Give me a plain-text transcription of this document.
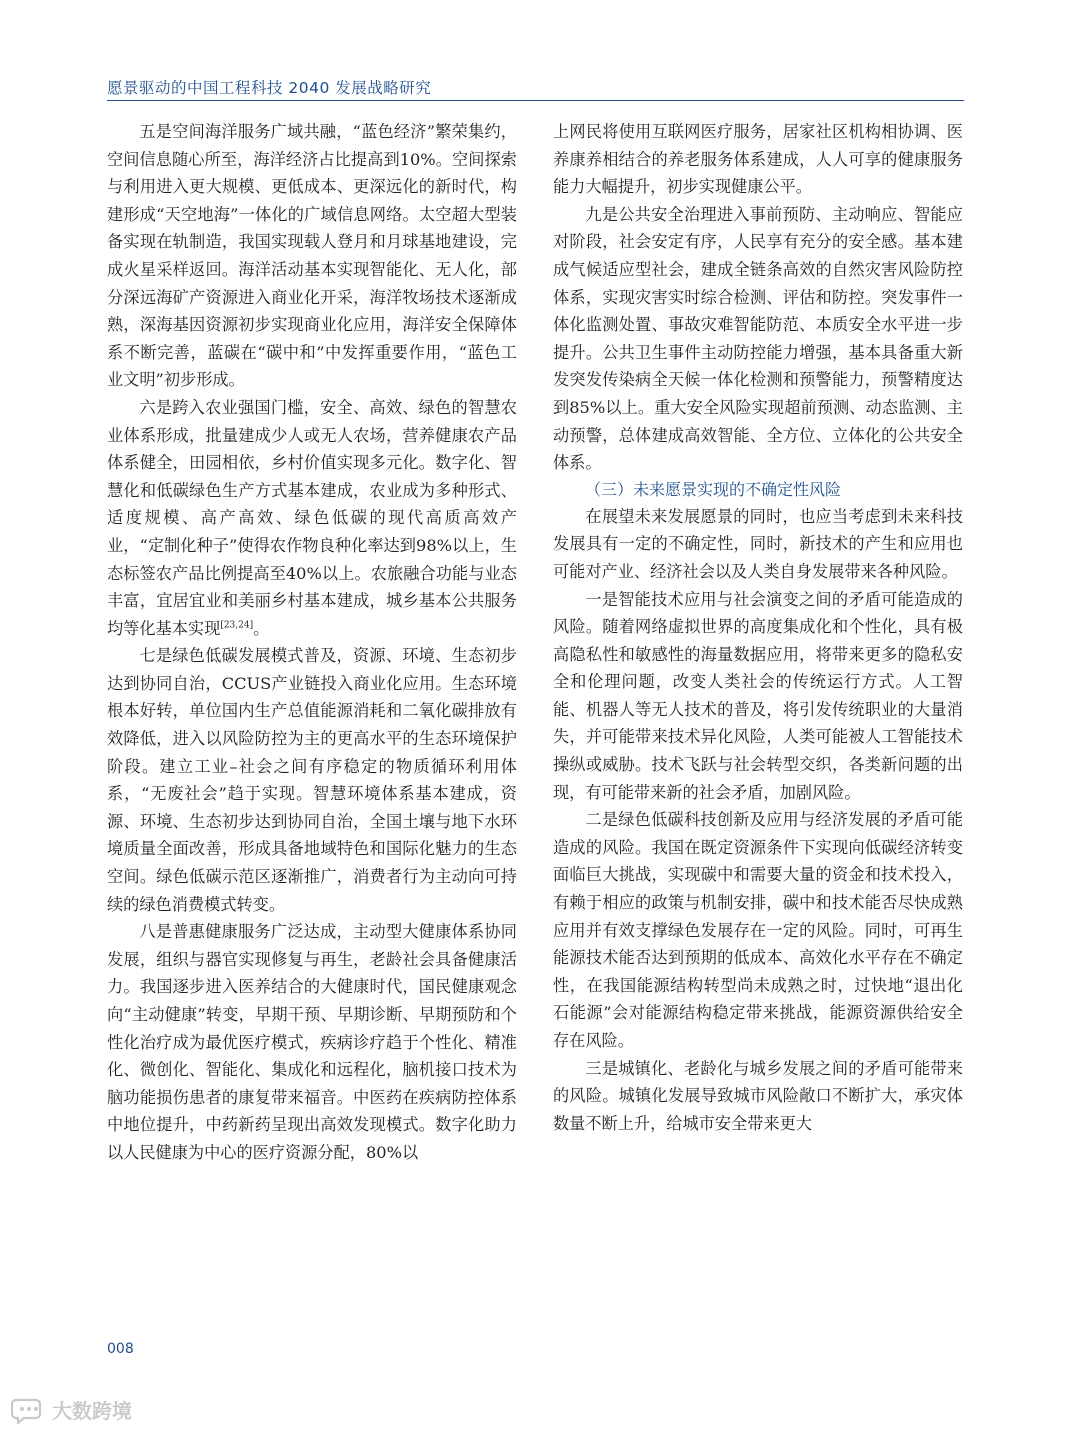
愿景驱动的中国工程科技 2040 发展战略研究

五是空间海洋服务广域共融，“蓝色经济”繁荣集约，空间信息随心所至，海洋经济占比提高到10%。空间探索与利用进入更大规模、更低成本、更深远化的新时代，构建形成“天空地海”一体化的广域信息网络。太空超大型装备实现在轨制造，我国实现载人登月和月球基地建设，完成火星采样返回。海洋活动基本实现智能化、无人化，部分深远海矿产资源进入商业化开采，海洋牧场技术逐渐成熟，深海基因资源初步实现商业化应用，海洋安全保障体系不断完善，蓝碳在“碳中和”中发挥重要作用，“蓝色工业文明”初步形成。

六是跨入农业强国门槛，安全、高效、绿色的智慧农业体系形成，批量建成少人或无人农场，营养健康农产品体系健全，田园相依，乡村价值实现多元化。数字化、智慧化和低碳绿色生产方式基本建成，农业成为多种形式、适度规模、高产高效、绿色低碳的现代高质高效产业，“定制化种子”使得农作物良种化率达到98%以上，生态标签农产品比例提高至40%以上。农旅融合功能与业态丰富，宜居宜业和美丽乡村基本建成，城乡基本公共服务均等化基本实现[23,24]。

七是绿色低碳发展模式普及，资源、环境、生态初步达到协同自治，CCUS产业链投入商业化应用。生态环境根本好转，单位国内生产总值能源消耗和二氧化碳排放有效降低，进入以风险防控为主的更高水平的生态环境保护阶段。建立工业–社会之间有序稳定的物质循环利用体系，“无废社会”趋于实现。智慧环境体系基本建成，资源、环境、生态初步达到协同自治，全国土壤与地下水环境质量全面改善，形成具备地域特色和国际化魅力的生态空间。绿色低碳示范区逐渐推广，消费者行为主动向可持续的绿色消费模式转变。

八是普惠健康服务广泛达成，主动型大健康体系协同发展，组织与器官实现修复与再生，老龄社会具备健康活力。我国逐步进入医养结合的大健康时代，国民健康观念向“主动健康”转变，早期干预、早期诊断、早期预防和个性化治疗成为最优医疗模式，疾病诊疗趋于个性化、精准化、微创化、智能化、集成化和远程化，脑机接口技术为脑功能损伤患者的康复带来福音。中医药在疾病防控体系中地位提升，中药新药呈现出高效发现模式。数字化助力以人民健康为中心的医疗资源分配，80%以

上网民将使用互联网医疗服务，居家社区机构相协调、医养康养相结合的养老服务体系建成，人人可享的健康服务能力大幅提升，初步实现健康公平。

九是公共安全治理进入事前预防、主动响应、智能应对阶段，社会安定有序，人民享有充分的安全感。基本建成气候适应型社会，建成全链条高效的自然灾害风险防控体系，实现灾害实时综合检测、评估和防控。突发事件一体化监测处置、事故灾难智能防范、本质安全水平进一步提升。公共卫生事件主动防控能力增强，基本具备重大新发突发传染病全天候一体化检测和预警能力，预警精度达到85%以上。重大安全风险实现超前预测、动态监测、主动预警，总体建成高效智能、全方位、立体化的公共安全体系。

（三）未来愿景实现的不确定性风险

在展望未来发展愿景的同时，也应当考虑到未来科技发展具有一定的不确定性，同时，新技术的产生和应用也可能对产业、经济社会以及人类自身发展带来各种风险。

一是智能技术应用与社会演变之间的矛盾可能造成的风险。随着网络虚拟世界的高度集成化和个性化，具有极高隐私性和敏感性的海量数据应用，将带来更多的隐私安全和伦理问题，改变人类社会的传统运行方式。人工智能、机器人等无人技术的普及，将引发传统职业的大量消失，并可能带来技术异化风险，人类可能被人工智能技术操纵或威胁。技术飞跃与社会转型交织，各类新问题的出现，有可能带来新的社会矛盾，加剧风险。

二是绿色低碳科技创新及应用与经济发展的矛盾可能造成的风险。我国在既定资源条件下实现向低碳经济转变面临巨大挑战，实现碳中和需要大量的资金和技术投入，有赖于相应的政策与机制安排，碳中和技术能否尽快成熟应用并有效支撑绿色发展存在一定的风险。同时，可再生能源技术能否达到预期的低成本、高效化水平存在不确定性，在我国能源结构转型尚未成熟之时，过快地“退出化石能源”会对能源结构稳定带来挑战，能源资源供给安全存在风险。

三是城镇化、老龄化与城乡发展之间的矛盾可能带来的风险。城镇化发展导致城市风险敞口不断扩大，承灾体数量不断上升，给城市安全带来更大

008
大数跨境
